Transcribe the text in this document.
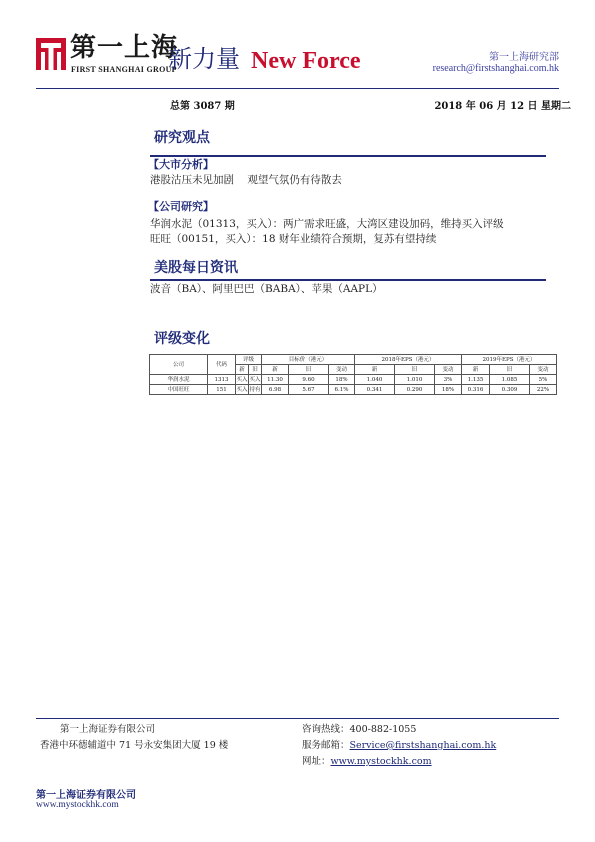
第一上海
FIRST SHANGHAI GROUP
新力量 New Force	第一上海研究部
research@firstshanghai.com.hk
总第 3087 期	2018 年 06 月 12 日 星期二
研究观点
【大市分析】
港股沽压未见加剧    观望气氛仍有待散去
【公司研究】
华润水泥（01313，买入）：两广需求旺盛，大湾区建设加码，维持买入评级
旺旺（00151，买入）：18 财年业绩符合预期，复苏有望持续
美股每日资讯
波音（BA）、阿里巴巴（BABA）、苹果（AAPL）
评级变化
公司	代码	评级		目标价（港元）			2018年EPS（港元）			2019年EPS（港元）		
		新	旧	新	旧	变动	新	旧	变动	新	旧	变动
华润水泥	1313	买入	买入	11.30	9.60	18%	1.040	1.010	3%	1.135	1.085	5%
中国旺旺	151	买入	持有	6.98	5.67	6.1%	0.341	0.290	18%	0.316	0.309	22%
第一上海证券有限公司
香港中环德辅道中 71 号永安集团大厦 19 楼
咨询热线：400-882-1055
服务邮箱：Service@firstshanghai.com.hk
网址：www.mystockhk.com
第一上海证券有限公司
www.mystockhk.com
